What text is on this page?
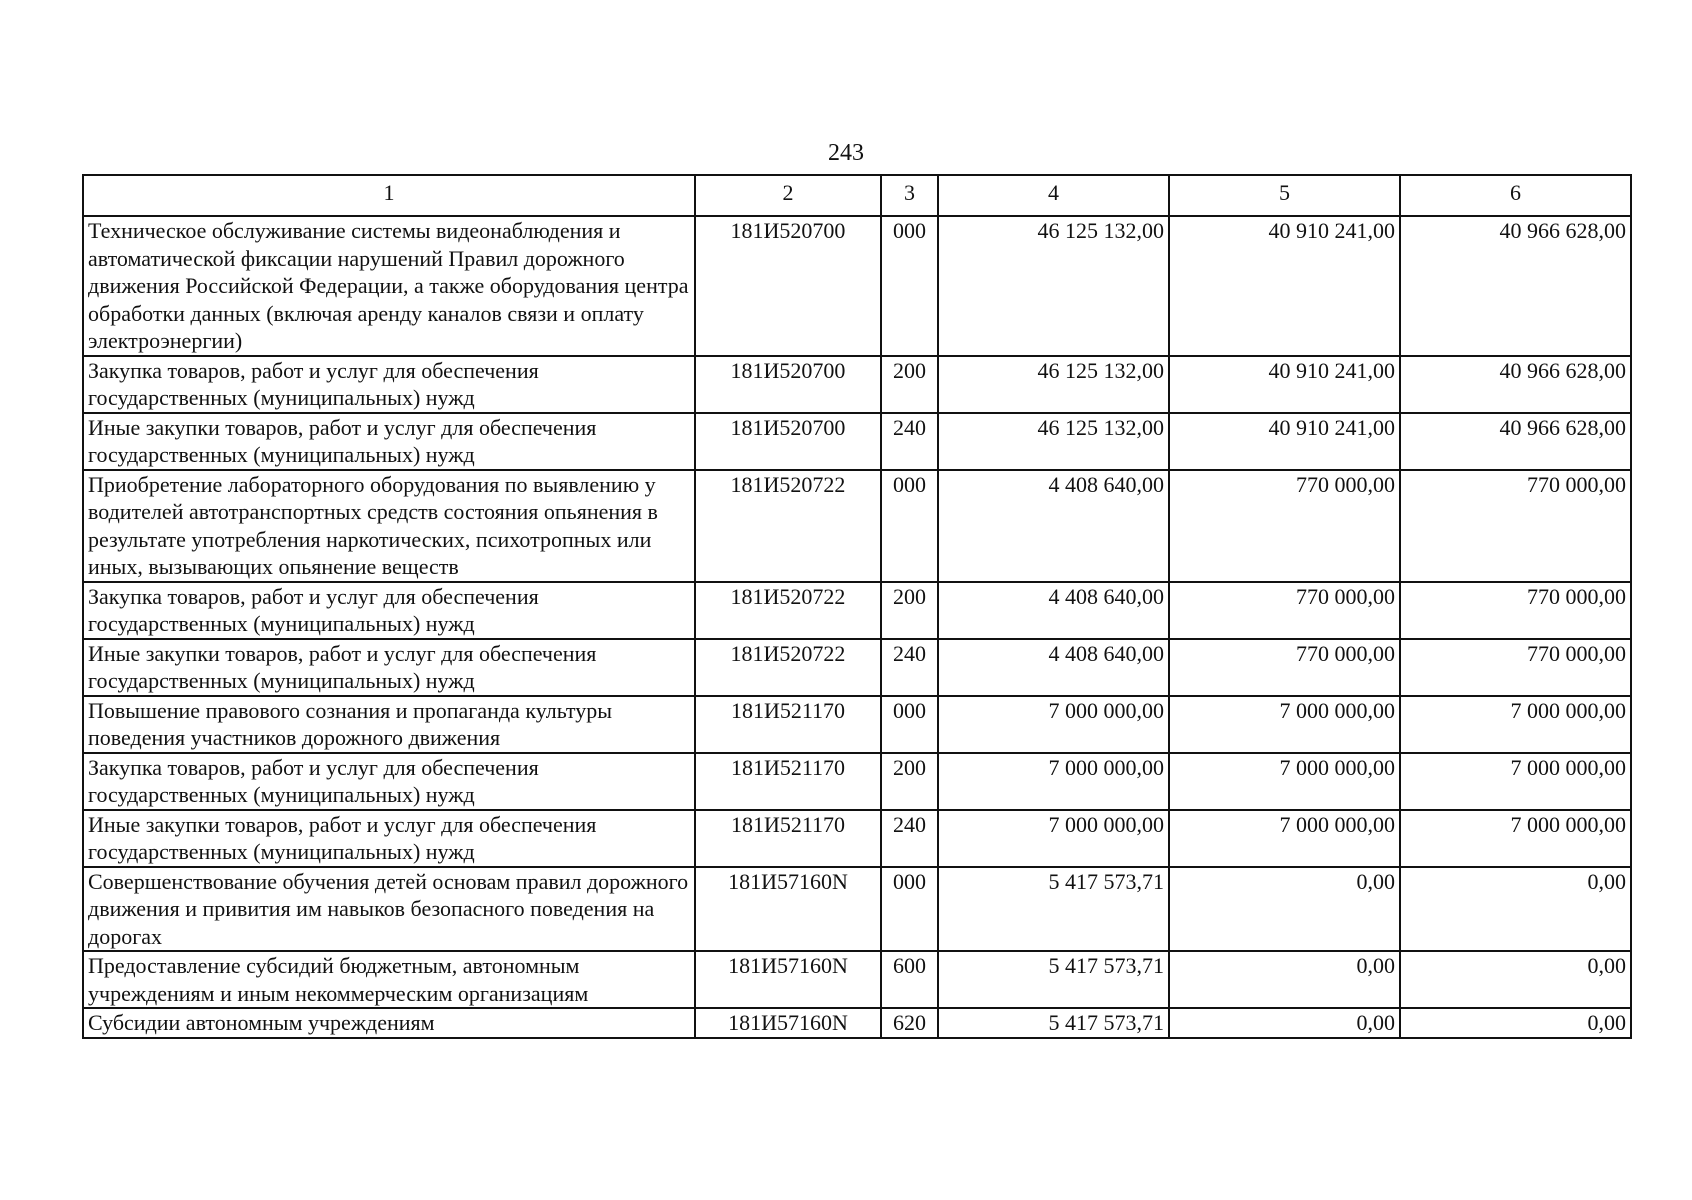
243
1	2	3	4	5	6
Техническое обслуживание системы видеонаблюдения и автоматической фиксации нарушений Правил дорожного движения Российской Федерации, а также оборудования центра обработки данных (включая аренду каналов связи и оплату электроэнергии)	181И520700	000	46 125 132,00	40 910 241,00	40 966 628,00
Закупка товаров, работ и услуг для обеспечения государственных (муниципальных) нужд	181И520700	200	46 125 132,00	40 910 241,00	40 966 628,00
Иные закупки товаров, работ и услуг для обеспечения государственных (муниципальных) нужд	181И520700	240	46 125 132,00	40 910 241,00	40 966 628,00
Приобретение лабораторного оборудования по выявлению у водителей автотранспортных средств состояния опьянения в результате употребления наркотических, психотропных или иных, вызывающих опьянение веществ	181И520722	000	4 408 640,00	770 000,00	770 000,00
Закупка товаров, работ и услуг для обеспечения государственных (муниципальных) нужд	181И520722	200	4 408 640,00	770 000,00	770 000,00
Иные закупки товаров, работ и услуг для обеспечения государственных (муниципальных) нужд	181И520722	240	4 408 640,00	770 000,00	770 000,00
Повышение правового сознания и пропаганда культуры поведения участников дорожного движения	181И521170	000	7 000 000,00	7 000 000,00	7 000 000,00
Закупка товаров, работ и услуг для обеспечения государственных (муниципальных) нужд	181И521170	200	7 000 000,00	7 000 000,00	7 000 000,00
Иные закупки товаров, работ и услуг для обеспечения государственных (муниципальных) нужд	181И521170	240	7 000 000,00	7 000 000,00	7 000 000,00
Совершенствование обучения детей основам правил дорожного движения и привития им навыков безопасного поведения на дорогах	181И57160N	000	5 417 573,71	0,00	0,00
Предоставление субсидий бюджетным, автономным учреждениям и иным некоммерческим организациям	181И57160N	600	5 417 573,71	0,00	0,00
Субсидии автономным учреждениям	181И57160N	620	5 417 573,71	0,00	0,00
